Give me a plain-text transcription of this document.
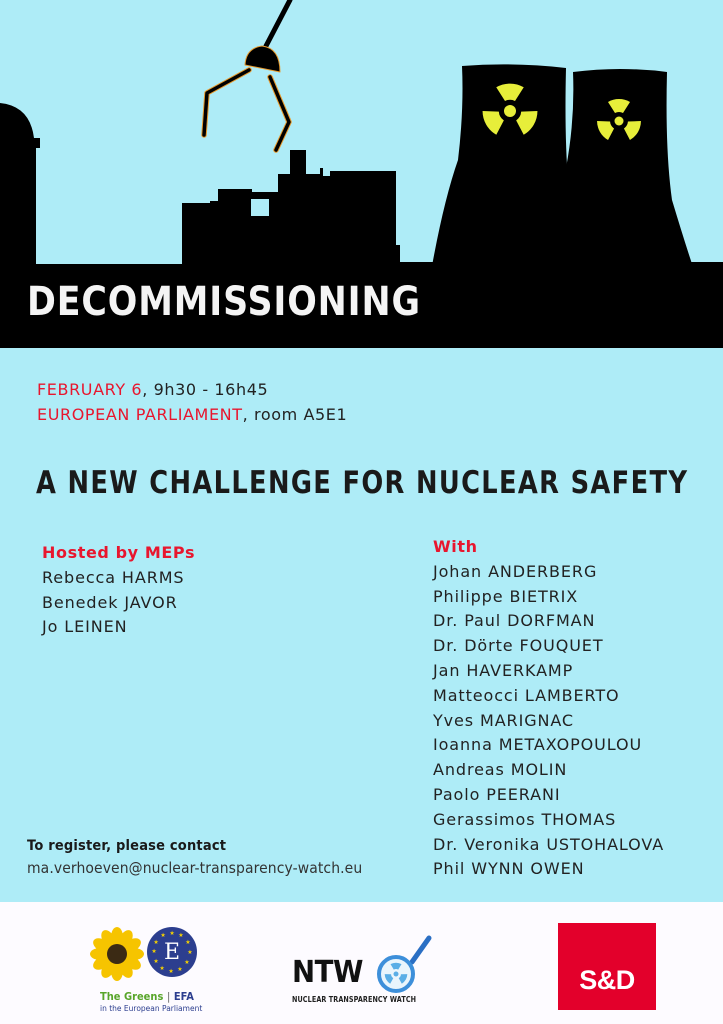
DECOMMISSIONING
FEBRUARY 6, 9h30 - 16h45
EUROPEAN PARLIAMENT, room A5E1
A NEW CHALLENGE FOR NUCLEAR SAFETY
Hosted by MEPs
Rebecca HARMS
Benedek JAVOR
Jo LEINEN
With
Johan ANDERBERG
Philippe BIETRIX
Dr. Paul DORFMAN
Dr. Dörte FOUQUET
Jan HAVERKAMP
Matteocci LAMBERTO
Yves MARIGNAC
Ioanna METAXOPOULOU
Andreas MOLIN
Paolo PEERANI
Gerassimos THOMAS
Dr. Veronika USTOHALOVA
Phil WYNN OWEN
To register, please contact
ma.verhoeven@nuclear-transparency-watch.eu
★ ★
★
★
★
★
★
★
★
★
★
★
E
The Greens | EFA
in the European Parliament
NTW
NUCLEAR TRANSPARENCY WATCH
S&D
